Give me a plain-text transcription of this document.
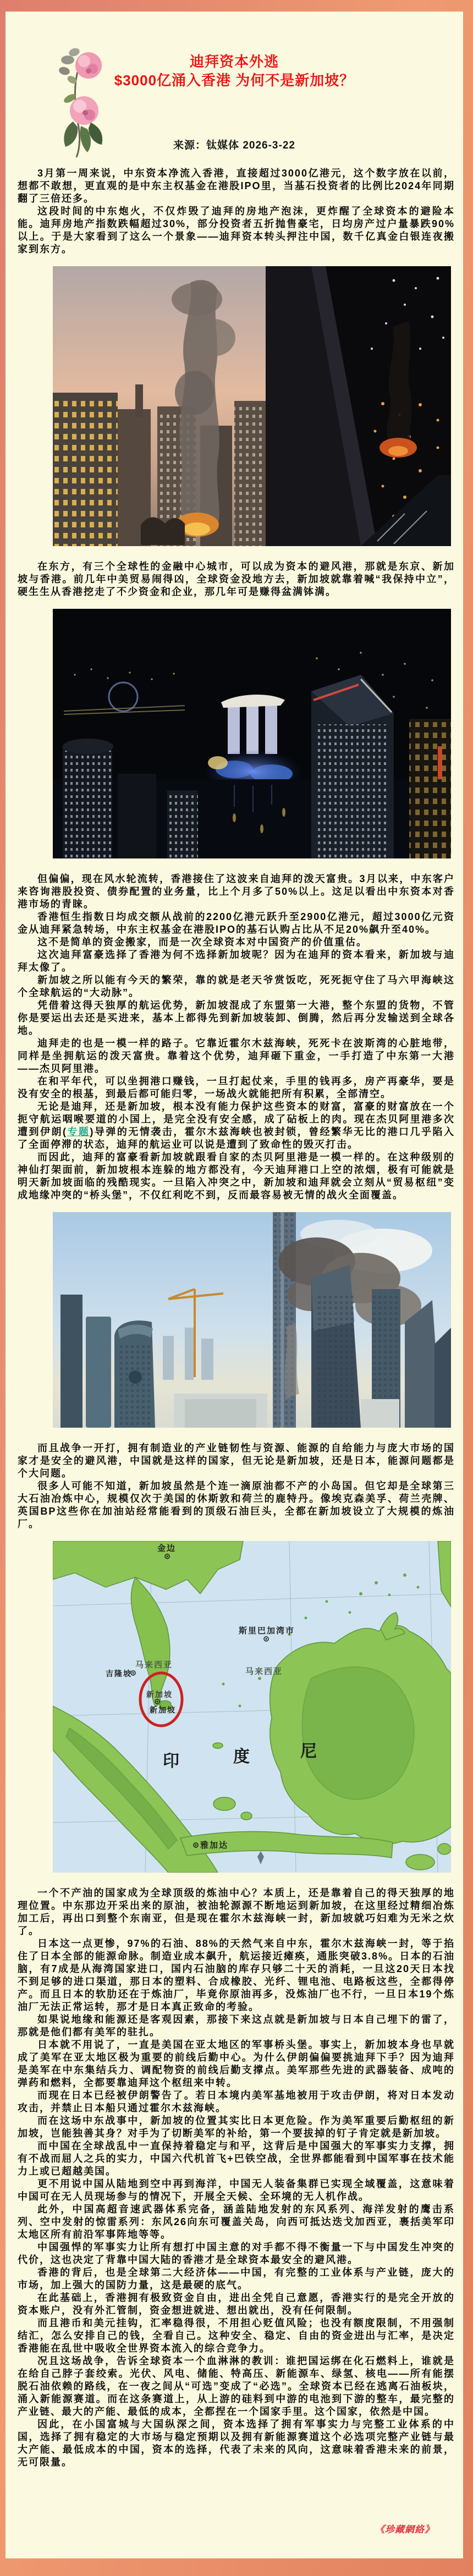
迪拜资本外逃
$3000亿涌入香港 为何不是新加坡？
来源：钛媒体 2026-3-22

3月第一周来说，中东资本净流入香港，直接超过3000亿港元，这个数字放在以前，想都不敢想，更直观的是中东主权基金在港股IPO里，当基石投资者的比例比2024年同期翻了三倍还多。

这段时间的中东炮火，不仅炸毁了迪拜的房地产泡沫，更炸醒了全球资本的避险本能。迪拜房地产指数跌幅超过30%，部分投资者五折抛售豪宅，日均房产过户量暴跌90%以上。于是大家看到了这么一个景象——迪拜资本转头押注中国，数千亿真金白银连夜搬家到东方。

在东方，有三个全球性的金融中心城市，可以成为资本的避风港，那就是东京、新加坡与香港。前几年中美贸易闹得凶，全球资金没地方去，新加坡就靠着喊“我保持中立”，硬生生从香港挖走了不少资金和企业，那几年可是赚得盆满钵满。

但偏偏，现在风水轮流转，香港接住了这波来自迪拜的泼天富贵。3月以来，中东客户来咨询港股投资、债券配置的业务量，比上个月多了50%以上。这足以看出中东资本对香港市场的青睐。

香港恒生指数日均成交额从战前的2200亿港元跃升至2900亿港元，超过3000亿元资金从迪拜紧急转场，中东主权基金在港股IPO的基石认购占比从不足20%飙升至40%。

这不是简单的资金搬家，而是一次全球资本对中国资产的价值重估。

这次迪拜富豪选择了香港为何不选择新加坡呢？因为在迪拜的资本看来，新加坡与迪拜太像了。

新加坡之所以能有今天的繁荣，靠的就是老天爷赏饭吃，死死扼守住了马六甲海峡这个全球航运的“大动脉”。

凭借着这得天独厚的航运优势，新加坡混成了东盟第一大港，整个东盟的货物，不管你是要运出去还是买进来，基本上都得先到新加坡装卸、倒腾，然后再分发输送到全球各地。

迪拜走的也是一模一样的路子。它靠近霍尔木兹海峡，死死卡在波斯湾的心脏地带，同样是坐拥航运的泼天富贵。靠着这个优势，迪拜砸下重金，一手打造了中东第一大港——杰贝阿里港。

在和平年代，可以坐拥港口赚钱，一旦打起仗来，手里的钱再多，房产再豪华，要是没有安全的根基，到最后都可能归零，一场战火就能把所有积累，全部清空。

无论是迪拜，还是新加坡，根本没有能力保护这些资本的财富，富豪的财富放在一个扼守航运咽喉要道的小国上，是完全没有安全感，成了砧板上的肉。现在杰贝阿里港多次遭到伊朗(专题)导弹的无情袭击，霍尔木兹海峡也被封锁，曾经繁华无比的港口几乎陷入了全面停滞的状态，迪拜的航运业可以说是遭到了致命性的毁灭打击。

而因此，迪拜的富豪看新加坡就跟看自家的杰贝阿里港是一模一样的。在这种级别的神仙打架面前，新加坡根本连躲的地方都没有，今天迪拜港口上空的浓烟，极有可能就是明天新加坡面临的残酷现实。一旦陷入冲突之中，新加坡和迪拜就会立刻从“贸易枢纽”变成地缘冲突的“桥头堡”，不仅红利吃不到，反而最容易被无情的战火全面覆盖。

而且战争一开打，拥有制造业的产业链韧性与资源、能源的自给能力与庞大市场的国家才是安全的避风港，中国就是这样的国家，但无论是新加坡，还是日本，能源问题都是个大问题。

很多人可能不知道，新加坡虽然是个连一滴原油都不产的小岛国。但它却是全球第三大石油冶炼中心，规模仅次于美国的休斯敦和荷兰的鹿特丹。像埃克森美孚、荷兰壳牌、英国BP这些你在加油站经常能看到的顶级石油巨头，全都在新加坡设立了大规模的炼油厂。

金边
斯里巴加湾市
马来西亚
吉隆坡
新加坡
新加坡
马来西亚
雅加达
印	度	尼

一个不产油的国家成为全球顶级的炼油中心？本质上，还是靠着自己的得天独厚的地理位置。中东那边开采出来的原油，被油轮源源不断地运到新加坡，在这里经过精细冶炼加工后，再出口到整个东南亚，但是现在霍尔木兹海峡一封，新加坡就巧妇难为无米之炊了。

日本这一点更惨，97%的石油、88%的天然气来自中东，霍尔木兹海峡一封，等于掐住了日本全部的能源命脉。制造业成本飙升，航运接近瘫痪，通胀突破3.8%。日本的石油脑，有7成是从海湾国家进口，国内石油脑的库存只够二十天的消耗，一旦这20天日本找不到足够的进口渠道，那日本的塑料、合成橡胶、光纤、锂电池、电路板这些，全都得停产。而且日本的软肋还在于炼油厂，毕竟你原油再多，没炼油厂也不行，一旦日本19个炼油厂无法正常运转，那才是日本真正致命的考验。

如果说地缘和能源还是客观因素，那接下来这点就是新加坡与日本自己埋下的雷了，那就是他们都有美军的驻扎。

日本就不用说了，一直是美国在亚太地区的军事桥头堡。事实上，新加坡本身也早就成了美军在亚太地区极为重要的前线后勤中心。为什么伊朗偏偏要挑迪拜下手？因为迪拜是美军在中东集结兵力、调配物资的前线后勤支撑点。美军那些先进的武器装备、成吨的弹药和燃料，全都要靠迪拜这个枢纽来中转。

而现在日本已经被伊朗警告了。若日本境内美军基地被用于攻击伊朗，将对日本发动攻击，并禁止日本船只通过霍尔木兹海峡。

而在这场中东战事中，新加坡的位置其实比日本更危险。作为美军重要后勤枢纽的新加坡，岂能独善其身？对手为了切断美军的补给，第一个要拔掉的钉子肯定就是新加坡。

而中国在全球战乱中一直保持着稳定与和平，这背后是中国强大的军事实力支撑，拥有不战而屈人之兵的实力，中国六代机首飞+巴铁空战，全世界都能看到中国军事在技术能力上或已超越美国。

更不用说中国从陆地到空中再到海洋，中国无人装备集群已实现全域覆盖，这意味着中国可在无人员现场参与的情况下，开展全天候、全环境的无人机作战。

此外，中国高超音速武器体系完备，涵盖陆地发射的东风系列、海洋发射的鹰击系列、空中发射的惊雷系列：东风26向东可覆盖关岛，向西可抵达迭戈加西亚，裹括美军印太地区所有前沿军事阵地等等。

中国强悍的军事实力让所有想打中国主意的对手都不得不衡量一下与中国发生冲突的代价，这也决定了背靠中国大陆的香港才是全球资本最安全的避风港。

香港的背后，也是全球第二大经济体——中国，有完整的工业体系与产业链，庞大的市场，加上强大的国防力量，这是最硬的底气。

在此基础上，香港拥有极致资金自由，进出全凭自己意愿，香港实行的是完全开放的资本账户，没有外汇管制，资金想进就进、想出就出，没有任何限制。

而且港币和美元挂钩，汇率稳得很，不用担心贬值风险；也没有额度限制，不用强制结汇，怎么安排自己的钱，全看自己。这种安全、稳定、自由的资金进出与汇率，是决定香港能在乱世中吸收全世界资本流入的综合竞争力。

况且这场战争，告诉全球资本一个血淋淋的教训：谁把国运绑在化石燃料上，谁就是在给自己脖子套绞索。光伏、风电、储能、特高压、新能源车、绿氢、核电——所有能摆脱石油依赖的路线，在一夜之间从“可选”变成了“必选”。全球资本已经在逃离石油板块，涌入新能源赛道。而在这条赛道上，从上游的硅料到中游的电池到下游的整车，最完整的产业链、最大的产能、最低的成本，全都捏在一个国家手里。这个国家，依然是中国。

因此，在小国富城与大国纵深之间，资本选择了拥有军事实力与完整工业体系的中国，选择了拥有稳定的大市场与稳定预期以及拥有新能源赛道这个必选项完整产业链与最大产能、最低成本的中国，资本的选择，代表了未来的风向，这意味着香港未来的前景，无可限量。

《珍藏網絡》
